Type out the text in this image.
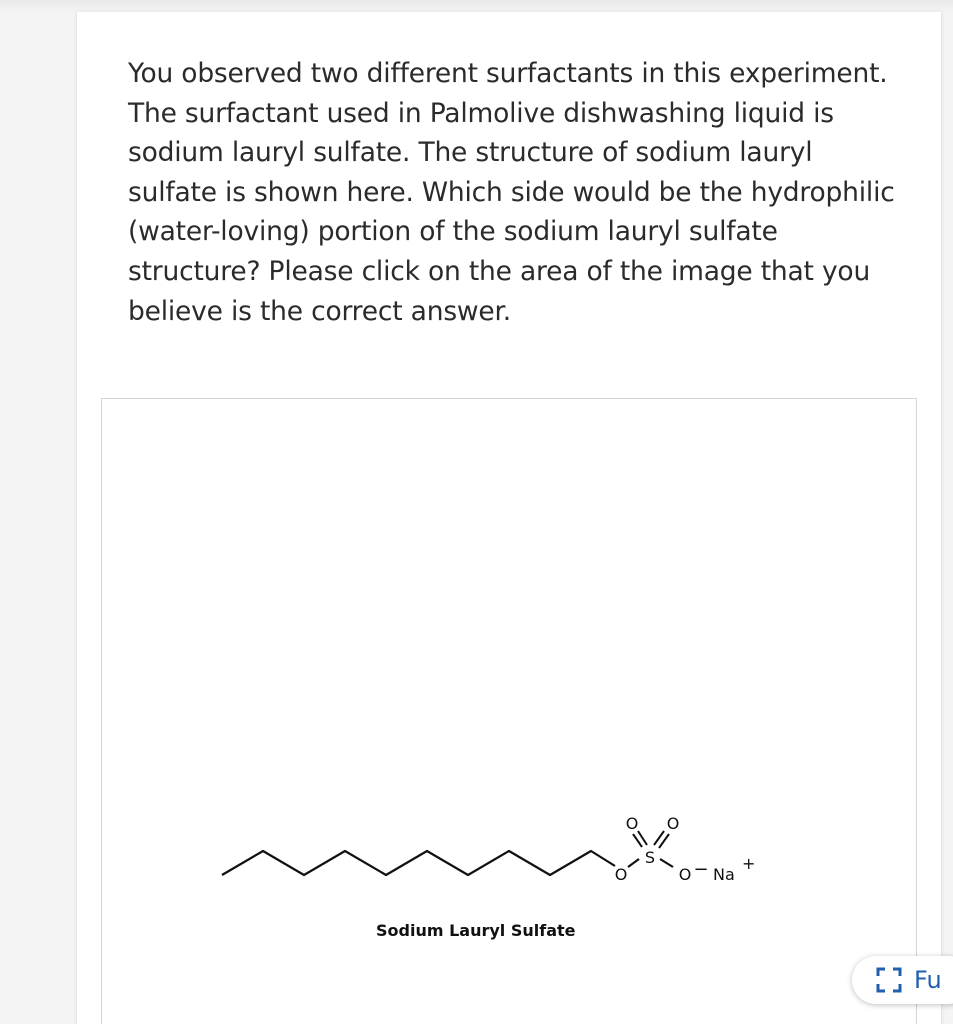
You observed two different surfactants in this experiment. The surfactant used in Palmolive dishwashing liquid is sodium lauryl sulfate. The structure of sodium lauryl sulfate is shown here. Which side would be the hydrophilic (water-loving) portion of the sodium lauryl sulfate structure? Please click on the area of the image that you believe is the correct answer.

O
S
O O
O − Na
+
Sodium Lauryl Sulfate
Fu
